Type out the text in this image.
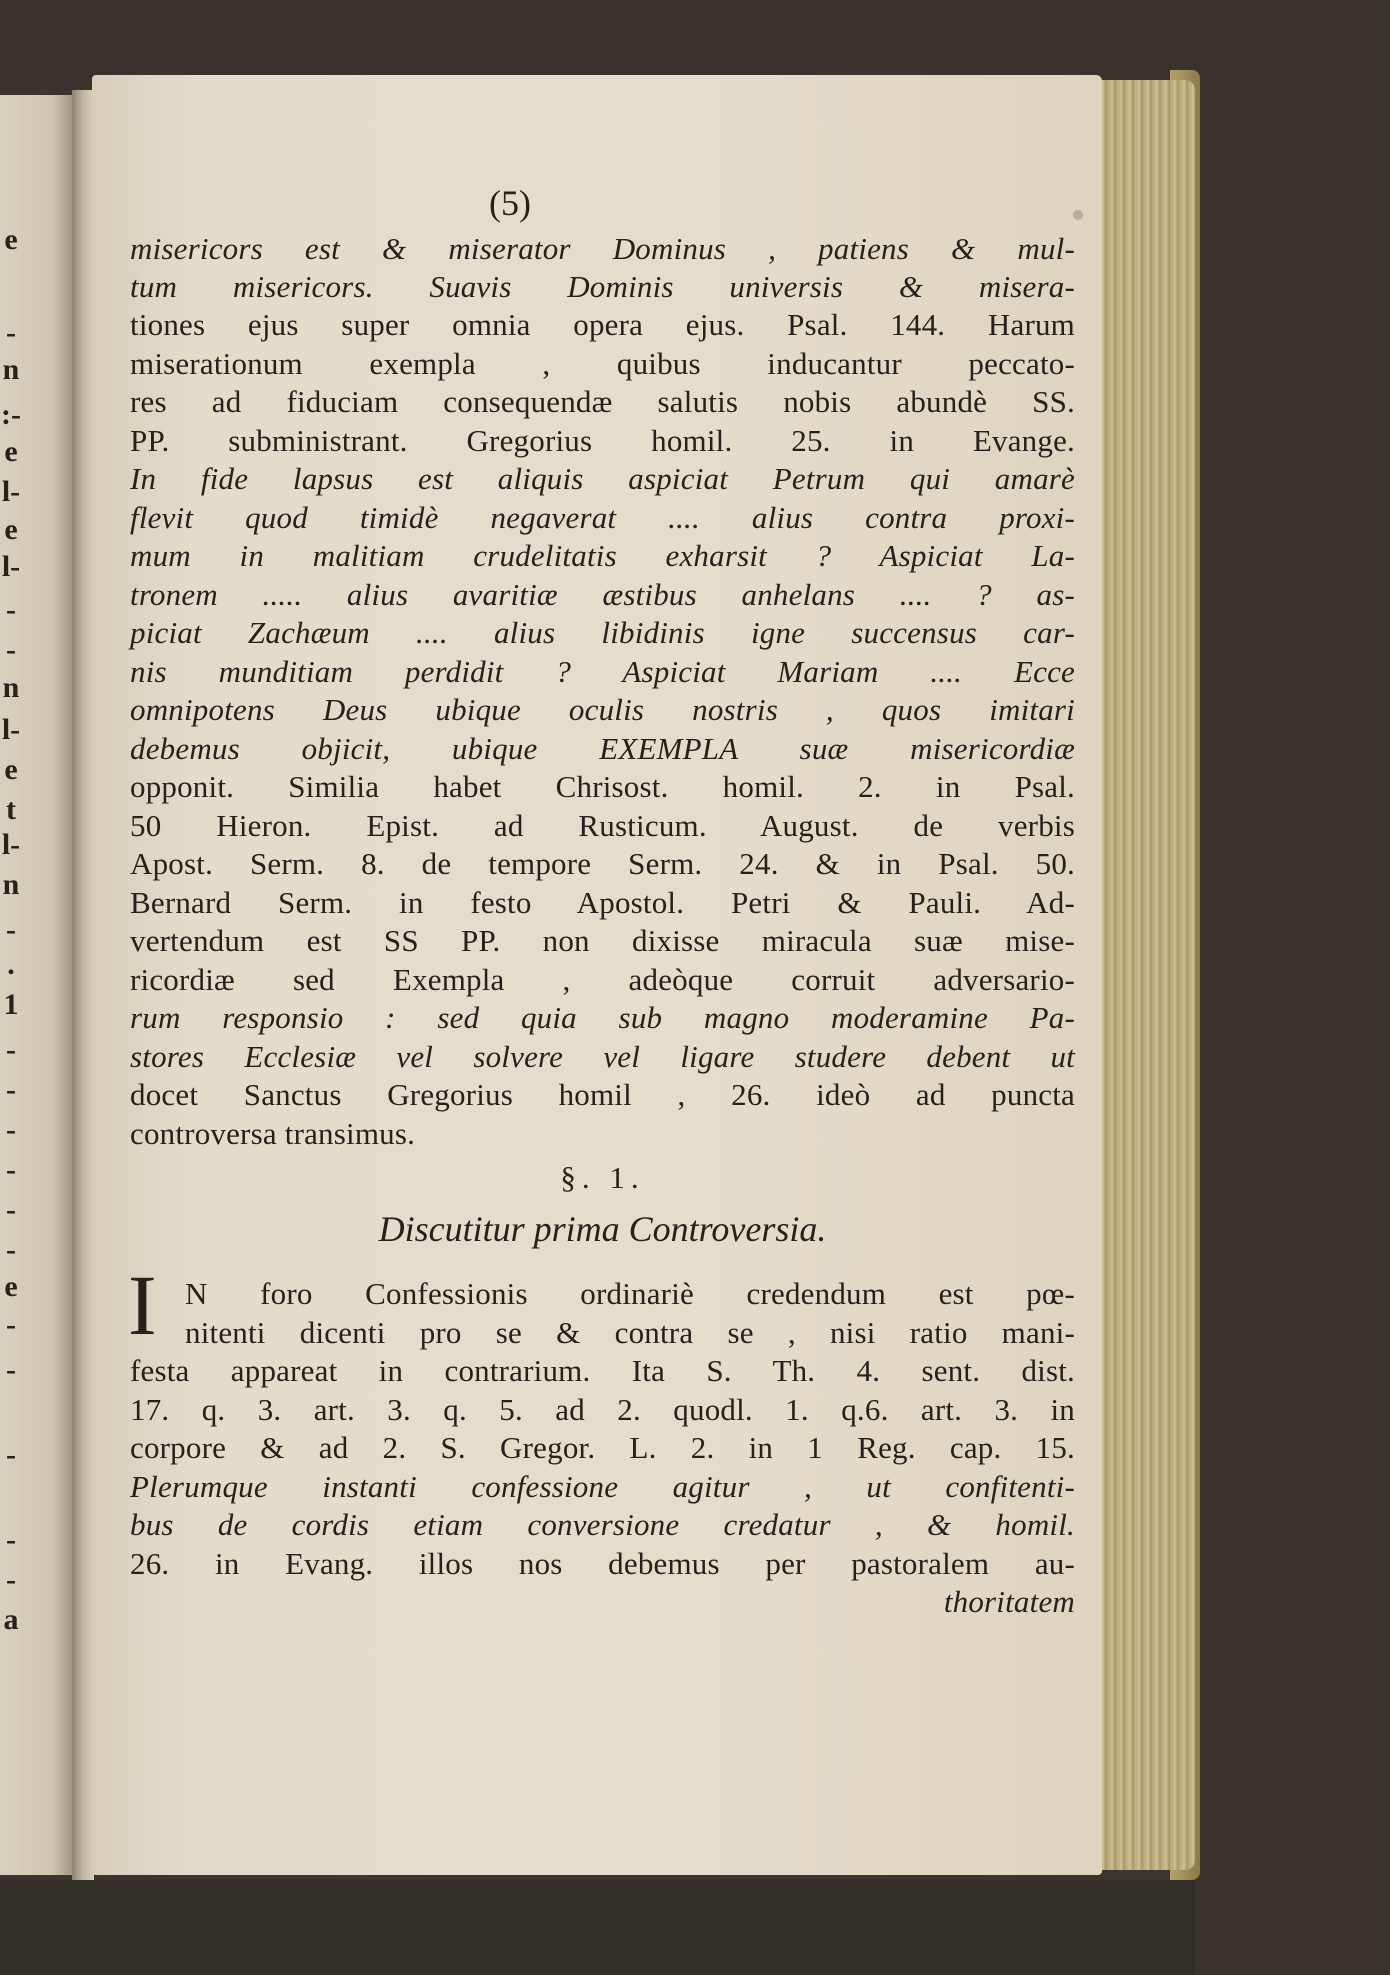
e
-
n
:-
e
l-
e
l-
-
-
n
l-
e
t
l-
n
-
.
1
-
-
-
-
-
-
e
-
-
-
-
-
a
(5)
misericors est & miserator Dominus , patiens & mul-
tum misericors. Suavis Dominis universis & misera-
tiones ejus super omnia opera ejus. Psal. 144. Harum
miserationum exempla , quibus inducantur peccato-
res ad fiduciam consequendæ salutis nobis abundè SS.
PP. subministrant. Gregorius homil. 25. in Evange.
In fide lapsus est aliquis aspiciat Petrum qui amarè
flevit quod timidè negaverat .... alius contra proxi-
mum in malitiam crudelitatis exharsit ? Aspiciat La-
tronem ..... alius avaritiæ æstibus anhelans .... ? as-
piciat Zachæum .... alius libidinis igne succensus car-
nis munditiam perdidit ? Aspiciat Mariam .... Ecce
omnipotens Deus ubique oculis nostris , quos imitari
debemus objicit, ubique EXEMPLA suæ misericordiæ
opponit. Similia habet Chrisost. homil. 2. in Psal.
50 Hieron. Epist. ad Rusticum. August. de verbis
Apost. Serm. 8. de tempore Serm. 24. & in Psal. 50.
Bernard Serm. in festo Apostol. Petri & Pauli. Ad-
vertendum est SS PP. non dixisse miracula suæ mise-
ricordiæ sed Exempla , adeòque corruit adversario-
rum responsio : sed quia sub magno moderamine Pa-
stores Ecclesiæ vel solvere vel ligare studere debent ut
docet Sanctus Gregorius homil , 26. ideò ad puncta
controversa transimus.
§. 1.
Discutitur prima Controversia.
I N foro Confessionis ordinariè credendum est pœ-
nitenti dicenti pro se & contra se , nisi ratio mani-
festa appareat in contrarium. Ita S. Th. 4. sent. dist.
17. q. 3. art. 3. q. 5. ad 2. quodl. 1. q.6. art. 3. in
corpore & ad 2. S. Gregor. L. 2. in 1 Reg. cap. 15.
Plerumque instanti confessione agitur , ut confitenti-
bus de cordis etiam conversione credatur , & homil.
26. in Evang. illos nos debemus per pastoralem au-
thoritatem
